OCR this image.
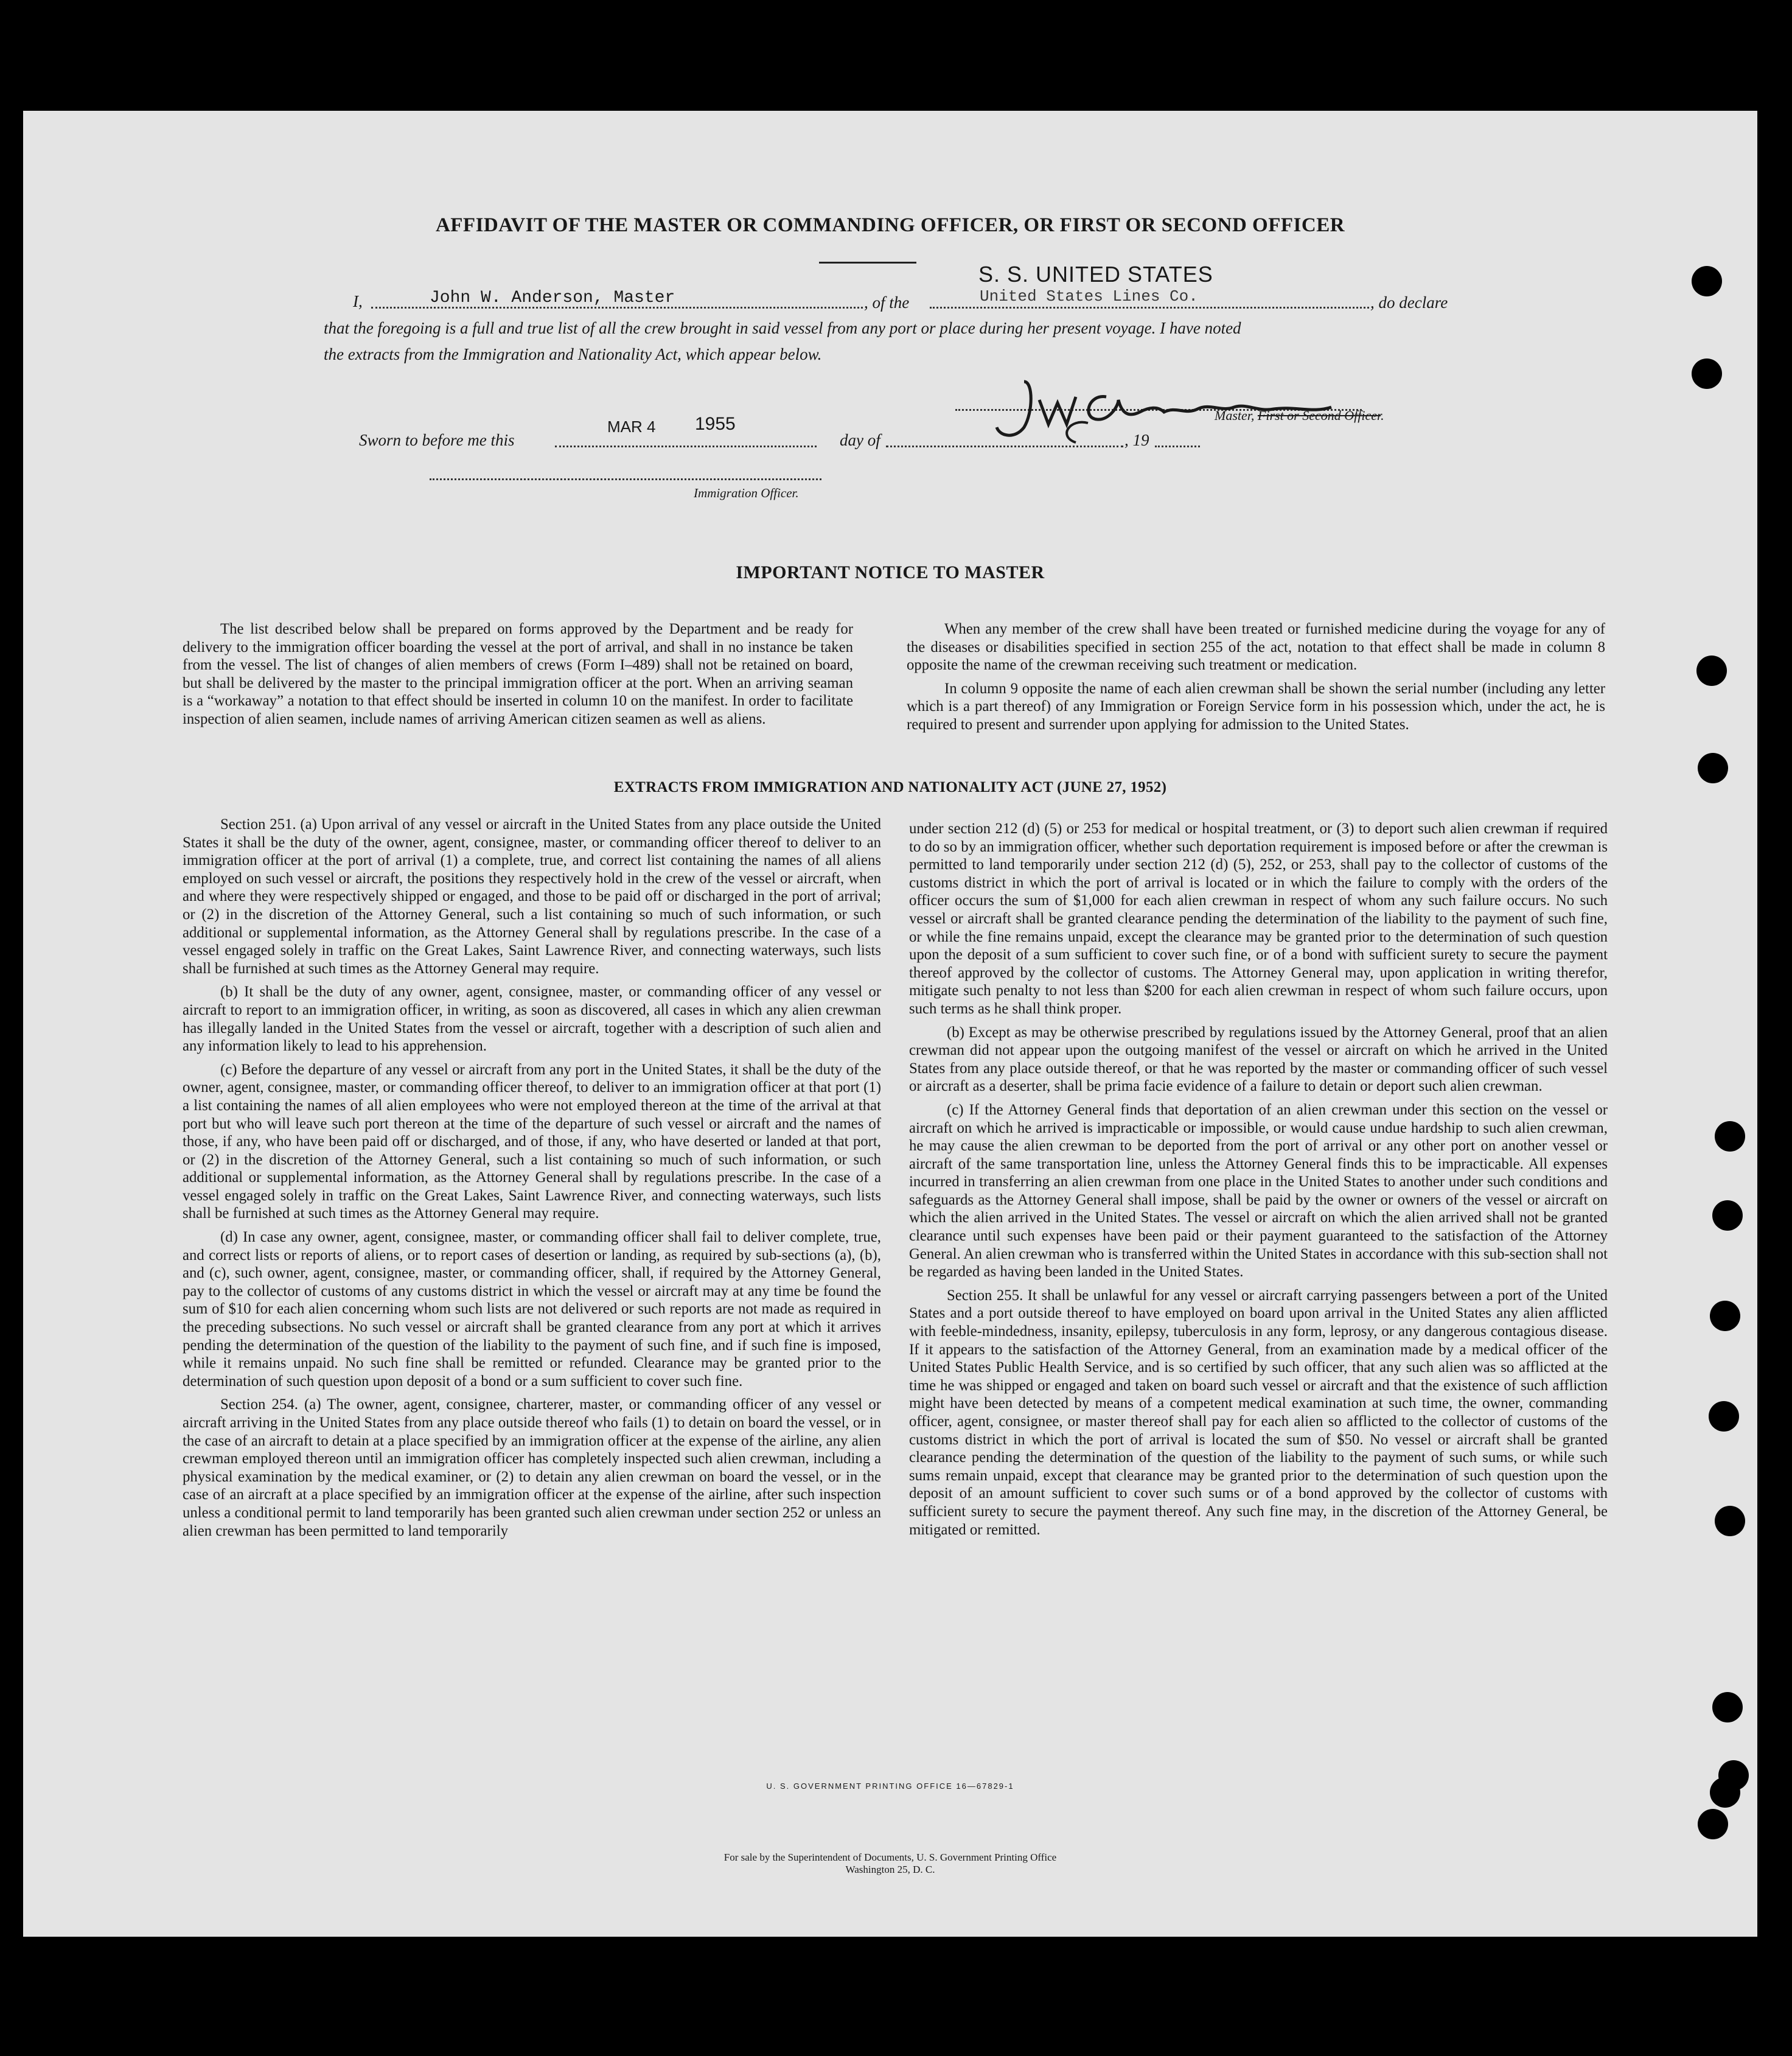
AFFIDAVIT OF THE MASTER OR COMMANDING OFFICER, OR FIRST OR SECOND OFFICER
I,	John W. Anderson, Master	, of the
S. S. UNITED STATES
United States Lines Co.	, do declare
that the foregoing is a full and true list of all the crew brought in said vessel from any port or place during her present voyage. I have noted
the extracts from the Immigration and Nationality Act, which appear below.
Master, First or Second Officer.
Sworn to before me this
MAR 4 1955
day of	, 19
Immigration Officer.
IMPORTANT NOTICE TO MASTER

The list described below shall be prepared on forms approved by the Department and be ready for delivery to the immigration officer boarding the vessel at the port of arrival, and shall in no instance be taken from the vessel. The list of changes of alien members of crews (Form I–489) shall not be retained on board, but shall be delivered by the master to the principal immigration officer at the port. When an arriving seaman is a “workaway” a notation to that effect should be inserted in column 10 on the manifest. In order to facilitate inspection of alien seamen, include names of arriving American citizen seamen as well as aliens.

When any member of the crew shall have been treated or furnished medicine during the voyage for any of the diseases or disabilities specified in section 255 of the act, notation to that effect shall be made in column 8 opposite the name of the crewman receiving such treatment or medication.

In column 9 opposite the name of each alien crewman shall be shown the serial number (including any letter which is a part thereof) of any Immigration or Foreign Service form in his possession which, under the act, he is required to present and surrender upon applying for admission to the United States.

EXTRACTS FROM IMMIGRATION AND NATIONALITY ACT (JUNE 27, 1952)

Section 251. (a) Upon arrival of any vessel or aircraft in the United States from any place outside the United States it shall be the duty of the owner, agent, consignee, master, or commanding officer thereof to deliver to an immigration officer at the port of arrival (1) a complete, true, and correct list containing the names of all aliens employed on such vessel or aircraft, the positions they respectively hold in the crew of the vessel or aircraft, when and where they were respectively shipped or engaged, and those to be paid off or discharged in the port of arrival; or (2) in the discretion of the Attorney General, such a list containing so much of such information, or such additional or supplemental information, as the Attorney General shall by regulations prescribe. In the case of a vessel engaged solely in traffic on the Great Lakes, Saint Lawrence River, and connecting waterways, such lists shall be furnished at such times as the Attorney General may require.

(b) It shall be the duty of any owner, agent, consignee, master, or commanding officer of any vessel or aircraft to report to an immigration officer, in writing, as soon as discovered, all cases in which any alien crewman has illegally landed in the United States from the vessel or aircraft, together with a description of such alien and any information likely to lead to his apprehension.

(c) Before the departure of any vessel or aircraft from any port in the United States, it shall be the duty of the owner, agent, consignee, master, or commanding officer thereof, to deliver to an immigration officer at that port (1) a list containing the names of all alien employees who were not employed thereon at the time of the arrival at that port but who will leave such port thereon at the time of the departure of such vessel or aircraft and the names of those, if any, who have been paid off or discharged, and of those, if any, who have deserted or landed at that port, or (2) in the discretion of the Attorney General, such a list containing so much of such information, or such additional or supplemental information, as the Attorney General shall by regulations prescribe. In the case of a vessel engaged solely in traffic on the Great Lakes, Saint Lawrence River, and connecting waterways, such lists shall be furnished at such times as the Attorney General may require.

(d) In case any owner, agent, consignee, master, or commanding officer shall fail to deliver complete, true, and correct lists or reports of aliens, or to report cases of desertion or landing, as required by sub-sections (a), (b), and (c), such owner, agent, consignee, master, or commanding officer, shall, if required by the Attorney General, pay to the collector of customs of any customs district in which the vessel or aircraft may at any time be found the sum of $10 for each alien concerning whom such lists are not delivered or such reports are not made as required in the preceding subsections. No such vessel or aircraft shall be granted clearance from any port at which it arrives pending the determination of the question of the liability to the payment of such fine, and if such fine is imposed, while it remains unpaid. No such fine shall be remitted or refunded. Clearance may be granted prior to the determination of such question upon deposit of a bond or a sum sufficient to cover such fine.

Section 254. (a) The owner, agent, consignee, charterer, master, or commanding officer of any vessel or aircraft arriving in the United States from any place outside thereof who fails (1) to detain on board the vessel, or in the case of an aircraft to detain at a place specified by an immigration officer at the expense of the airline, any alien crewman employed thereon until an immigration officer has completely inspected such alien crewman, including a physical examination by the medical examiner, or (2) to detain any alien crewman on board the vessel, or in the case of an aircraft at a place specified by an immigration officer at the expense of the airline, after such inspection unless a conditional permit to land temporarily has been granted such alien crewman under section 252 or unless an alien crewman has been permitted to land temporarily

under section 212 (d) (5) or 253 for medical or hospital treatment, or (3) to deport such alien crewman if required to do so by an immigration officer, whether such deportation requirement is imposed before or after the crewman is permitted to land temporarily under section 212 (d) (5), 252, or 253, shall pay to the collector of customs of the customs district in which the port of arrival is located or in which the failure to comply with the orders of the officer occurs the sum of $1,000 for each alien crewman in respect of whom any such failure occurs. No such vessel or aircraft shall be granted clearance pending the determination of the liability to the payment of such fine, or while the fine remains unpaid, except the clearance may be granted prior to the determination of such question upon the deposit of a sum sufficient to cover such fine, or of a bond with sufficient surety to secure the payment thereof approved by the collector of customs. The Attorney General may, upon application in writing therefor, mitigate such penalty to not less than $200 for each alien crewman in respect of whom such failure occurs, upon such terms as he shall think proper.

(b) Except as may be otherwise prescribed by regulations issued by the Attorney General, proof that an alien crewman did not appear upon the outgoing manifest of the vessel or aircraft on which he arrived in the United States from any place outside thereof, or that he was reported by the master or commanding officer of such vessel or aircraft as a deserter, shall be prima facie evidence of a failure to detain or deport such alien crewman.

(c) If the Attorney General finds that deportation of an alien crewman under this section on the vessel or aircraft on which he arrived is impracticable or impossible, or would cause undue hardship to such alien crewman, he may cause the alien crewman to be deported from the port of arrival or any other port on another vessel or aircraft of the same transportation line, unless the Attorney General finds this to be impracticable. All expenses incurred in transferring an alien crewman from one place in the United States to another under such conditions and safeguards as the Attorney General shall impose, shall be paid by the owner or owners of the vessel or aircraft on which the alien arrived in the United States. The vessel or aircraft on which the alien arrived shall not be granted clearance until such expenses have been paid or their payment guaranteed to the satisfaction of the Attorney General. An alien crewman who is transferred within the United States in accordance with this sub-section shall not be regarded as having been landed in the United States.

Section 255. It shall be unlawful for any vessel or aircraft carrying passengers between a port of the United States and a port outside thereof to have employed on board upon arrival in the United States any alien afflicted with feeble-mindedness, insanity, epilepsy, tuberculosis in any form, leprosy, or any dangerous contagious disease. If it appears to the satisfaction of the Attorney General, from an examination made by a medical officer of the United States Public Health Service, and is so certified by such officer, that any such alien was so afflicted at the time he was shipped or engaged and taken on board such vessel or aircraft and that the existence of such affliction might have been detected by means of a competent medical examination at such time, the owner, commanding officer, agent, consignee, or master thereof shall pay for each alien so afflicted to the collector of customs of the customs district in which the port of arrival is located the sum of $50. No vessel or aircraft shall be granted clearance pending the determination of the question of the liability to the payment of such sums, or while such sums remain unpaid, except that clearance may be granted prior to the determination of such question upon the deposit of an amount sufficient to cover such sums or of a bond approved by the collector of customs with sufficient surety to secure the payment thereof. Any such fine may, in the discretion of the Attorney General, be mitigated or remitted.

U. S. GOVERNMENT PRINTING OFFICE 16—67829-1
For sale by the Superintendent of Documents, U. S. Government Printing Office
Washington 25, D. C.
